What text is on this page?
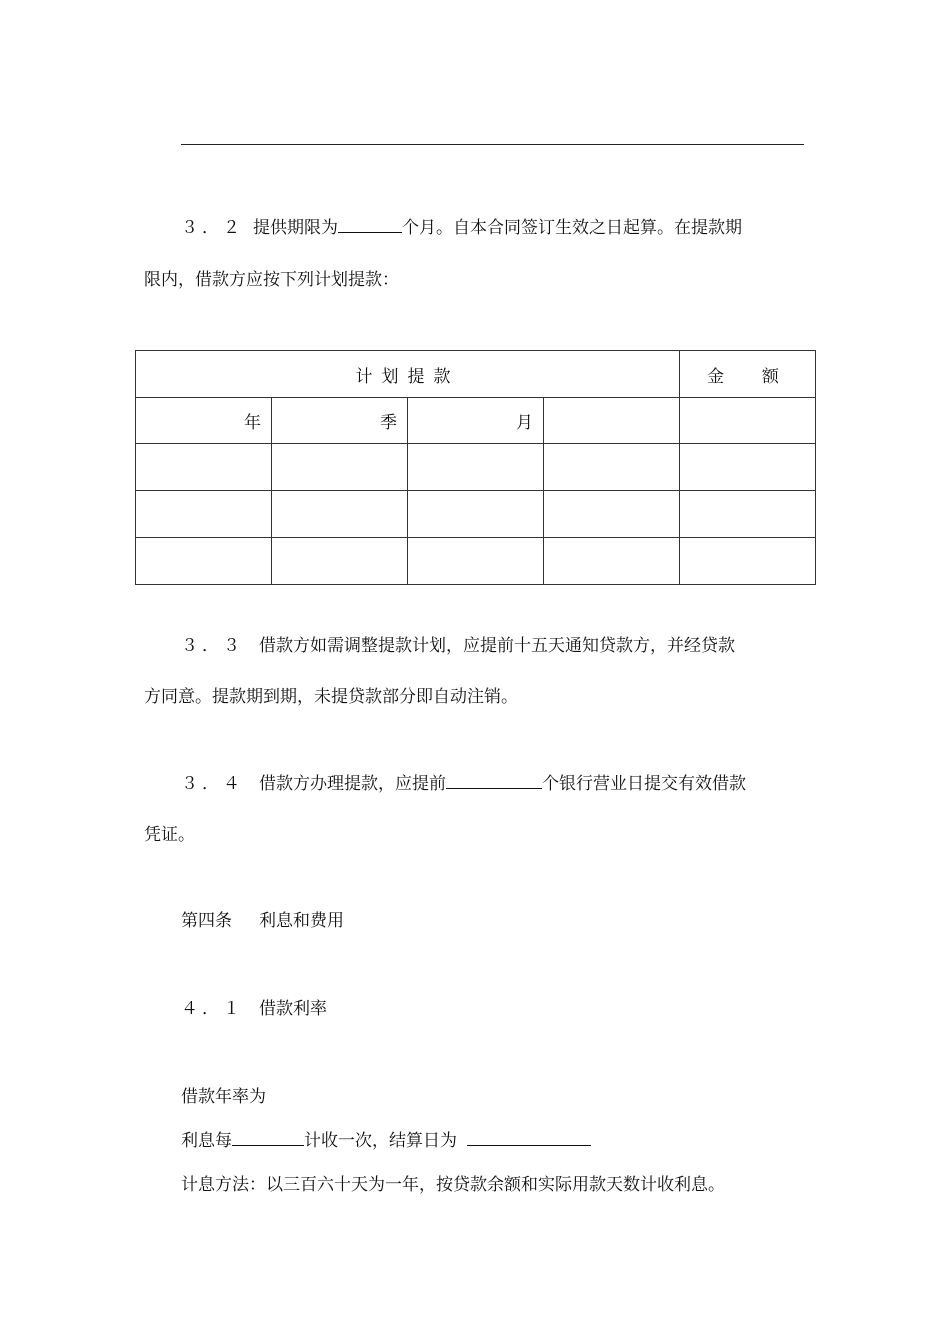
３．２ 提供期限为	个月。自本合同签订生效之日起算。在提款期
限内，借款方应按下列计划提款：
计划提款				金  额
年	季	月		

３．３ 借款方如需调整提款计划，应提前十五天通知贷款方，并经贷款
方同意。提款期到期，未提贷款部分即自动注销。
３．４ 借款方办理提款，应提前	个银行营业日提交有效借款
凭证。
第四条 利息和费用
４．１ 借款利率
借款年率为
利息每	计收一次，结算日为
计息方法：以三百六十天为一年，按贷款余额和实际用款天数计收利息。
